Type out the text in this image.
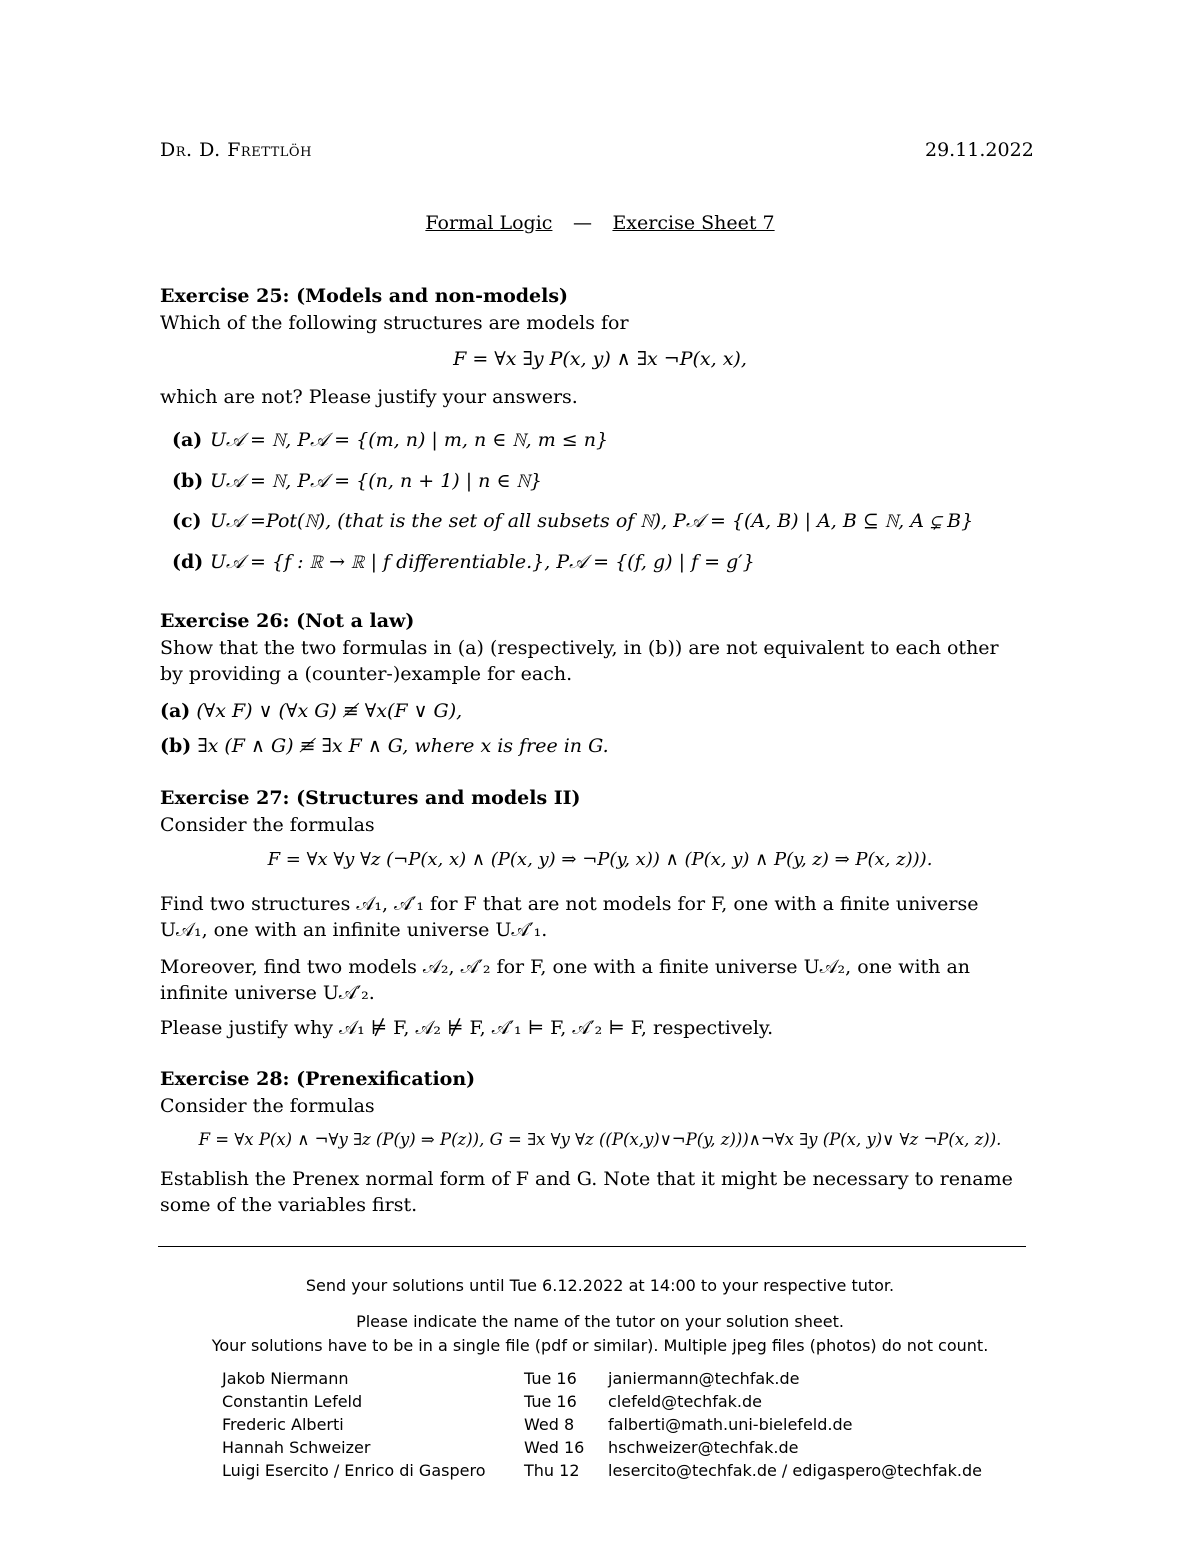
Dr. D. Frettlöh	29.11.2022
Formal Logic — Exercise Sheet 7
Exercise 25: (Models and non-models)
Which of the following structures are models for
F = ∀x ∃y P(x, y) ∧ ∃x ¬P(x, x),
which are not? Please justify your answers.
(a) U𝒜 = ℕ, P𝒜 = {(m, n) | m, n ∈ ℕ, m ≤ n}
(b) U𝒜 = ℕ, P𝒜 = {(n, n + 1) | n ∈ ℕ}
(c) U𝒜 =Pot(ℕ), (that is the set of all subsets of ℕ), P𝒜 = {(A, B) | A, B ⊆ ℕ, A ⊊ B}
(d) U𝒜 = {f : ℝ → ℝ | f differentiable.}, P𝒜 = {(f, g) | f = g′}
Exercise 26: (Not a law)
Show that the two formulas in (a) (respectively, in (b)) are not equivalent to each other by providing a (counter-)example for each.
(a) (∀x F) ∨ (∀x G) ≢ ∀x(F ∨ G),
(b) ∃x (F ∧ G) ≢ ∃x F ∧ G, where x is free in G.
Exercise 27: (Structures and models II)
Consider the formulas
F = ∀x ∀y ∀z (¬P(x, x) ∧ (P(x, y) ⇒ ¬P(y, x)) ∧ (P(x, y) ∧ P(y, z) ⇒ P(x, z))).
Find two structures 𝒜₁, 𝒜′₁ for F that are not models for F, one with a finite universe U𝒜₁, one with an infinite universe U𝒜′₁.
Moreover, find two models 𝒜₂, 𝒜′₂ for F, one with a finite universe U𝒜₂, one with an infinite universe U𝒜′₂.
Please justify why 𝒜₁ ⊭ F, 𝒜₂ ⊭ F, 𝒜′₁ ⊨ F, 𝒜′₂ ⊨ F, respectively.
Exercise 28: (Prenexification)
Consider the formulas
F = ∀x P(x) ∧ ¬∀y ∃z (P(y) ⇒ P(z)), G = ∃x ∀y ∀z ((P(x,y)∨¬P(y, z)))∧¬∀x ∃y (P(x, y)∨ ∀z ¬P(x, z)).
Establish the Prenex normal form of F and G. Note that it might be necessary to rename some of the variables first.
Send your solutions until Tue 6.12.2022 at 14:00 to your respective tutor.
Please indicate the name of the tutor on your solution sheet.
Your solutions have to be in a single file (pdf or similar). Multiple jpeg files (photos) do not count.
Jakob Niermann	Tue 16	janiermann@techfak.de
Constantin Lefeld	Tue 16	clefeld@techfak.de
Frederic Alberti	Wed 8	falberti@math.uni-bielefeld.de
Hannah Schweizer	Wed 16	hschweizer@techfak.de
Luigi Esercito / Enrico di Gaspero	Thu 12	lesercito@techfak.de / edigaspero@techfak.de
